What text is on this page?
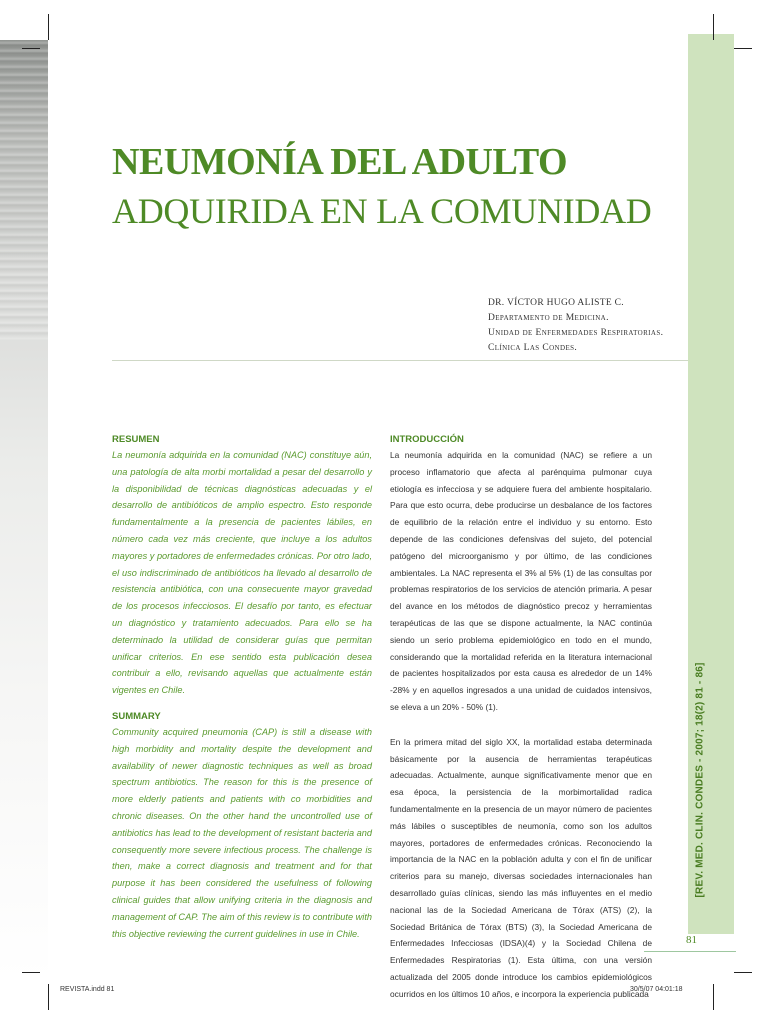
[REV. MED. CLIN. CONDES - 2007; 18(2) 81 - 86]
NEUMONÍA DEL ADULTO
ADQUIRIDA EN LA COMUNIDAD
DR. VÍCTOR HUGO ALISTE C.
Departamento de Medicina.
Unidad de Enfermedades Respiratorias.
Clínica Las Condes.
RESUMEN

La neumonía adquirida en la comunidad (NAC) constituye aún, una patología de alta morbi mortalidad a pesar del desarrollo y la disponibilidad de técnicas diagnósticas adecuadas y el desarrollo de antibióticos de amplio espectro. Esto responde fundamentalmente a la presencia de pacientes lábiles, en número cada vez más creciente, que incluye a los adultos mayores y portadores de enfermedades crónicas. Por otro lado, el uso indiscriminado de antibióticos ha llevado al desarrollo de resistencia antibiótica, con una consecuente mayor gravedad de los procesos infecciosos. El desafío por tanto, es efectuar un diagnóstico y tratamiento adecuados. Para ello se ha determinado la utilidad de considerar guías que permitan unificar criterios. En ese sentido esta publicación desea contribuir a ello, revisando aquellas que actualmente están vigentes en Chile.

SUMMARY

Community acquired pneumonia (CAP) is still a disease with high morbidity and mortality despite the development and availability of newer diagnostic techniques as well as broad spectrum antibiotics. The reason for this is the presence of more elderly patients and patients with co morbidities and chronic diseases. On the other hand the uncontrolled use of antibiotics has lead to the development of resistant bacteria and consequently more severe infectious process. The challenge is then, make a correct diagnosis and treatment and for that purpose it has been considered the usefulness of following clinical guides that allow unifying criteria in the diagnosis and management of CAP. The aim of this review is to contribute with this objective reviewing the current guidelines in use in Chile.

INTRODUCCIÓN

La neumonía adquirida en la comunidad (NAC) se refiere a un proceso inflamatorio que afecta al parénquima pulmonar cuya etiología es infecciosa y se adquiere fuera del ambiente hospitalario. Para que esto ocurra, debe producirse un desbalance de los factores de equilibrio de la relación entre el individuo y su entorno. Esto depende de las condiciones defensivas del sujeto, del potencial patógeno del microorganismo y por último, de las condiciones ambientales. La NAC representa el 3% al 5% (1) de las consultas por problemas respiratorios de los servicios de atención primaria. A pesar del avance en los métodos de diagnóstico precoz y herramientas terapéuticas de las que se dispone actualmente, la NAC continúa siendo un serio problema epidemiológico en todo en el mundo, considerando que la mortalidad referida en la literatura internacional de pacientes hospitalizados por esta causa es alrededor de un 14% -28% y en aquellos ingresados a una unidad de cuidados intensivos, se eleva a un 20% - 50% (1).

En la primera mitad del siglo XX, la mortalidad estaba determinada básicamente por la ausencia de herramientas terapéuticas adecuadas. Actualmente, aunque significativamente menor que en esa época, la persistencia de la morbimortalidad radica fundamentalmente en la presencia de un mayor número de pacientes más lábiles o susceptibles de neumonía, como son los adultos mayores, portadores de enfermedades crónicas. Reconociendo la importancia de la NAC en la población adulta y con el fin de unificar criterios para su manejo, diversas sociedades internacionales han desarrollado guías clínicas, siendo las más influyentes en el medio nacional las de la Sociedad Americana de Tórax (ATS) (2), la Sociedad Británica de Tórax (BTS) (3), la Sociedad Americana de Enfermedades Infecciosas (IDSA)(4) y la Sociedad Chilena de Enfermedades Respiratorias (1). Esta última, con una versión actualizada del 2005 donde introduce los cambios epidemiológicos ocurridos en los últimos 10 años, e incorpora la experiencia publicada

81
REVISTA.indd 81	30/5/07 04:01:18
